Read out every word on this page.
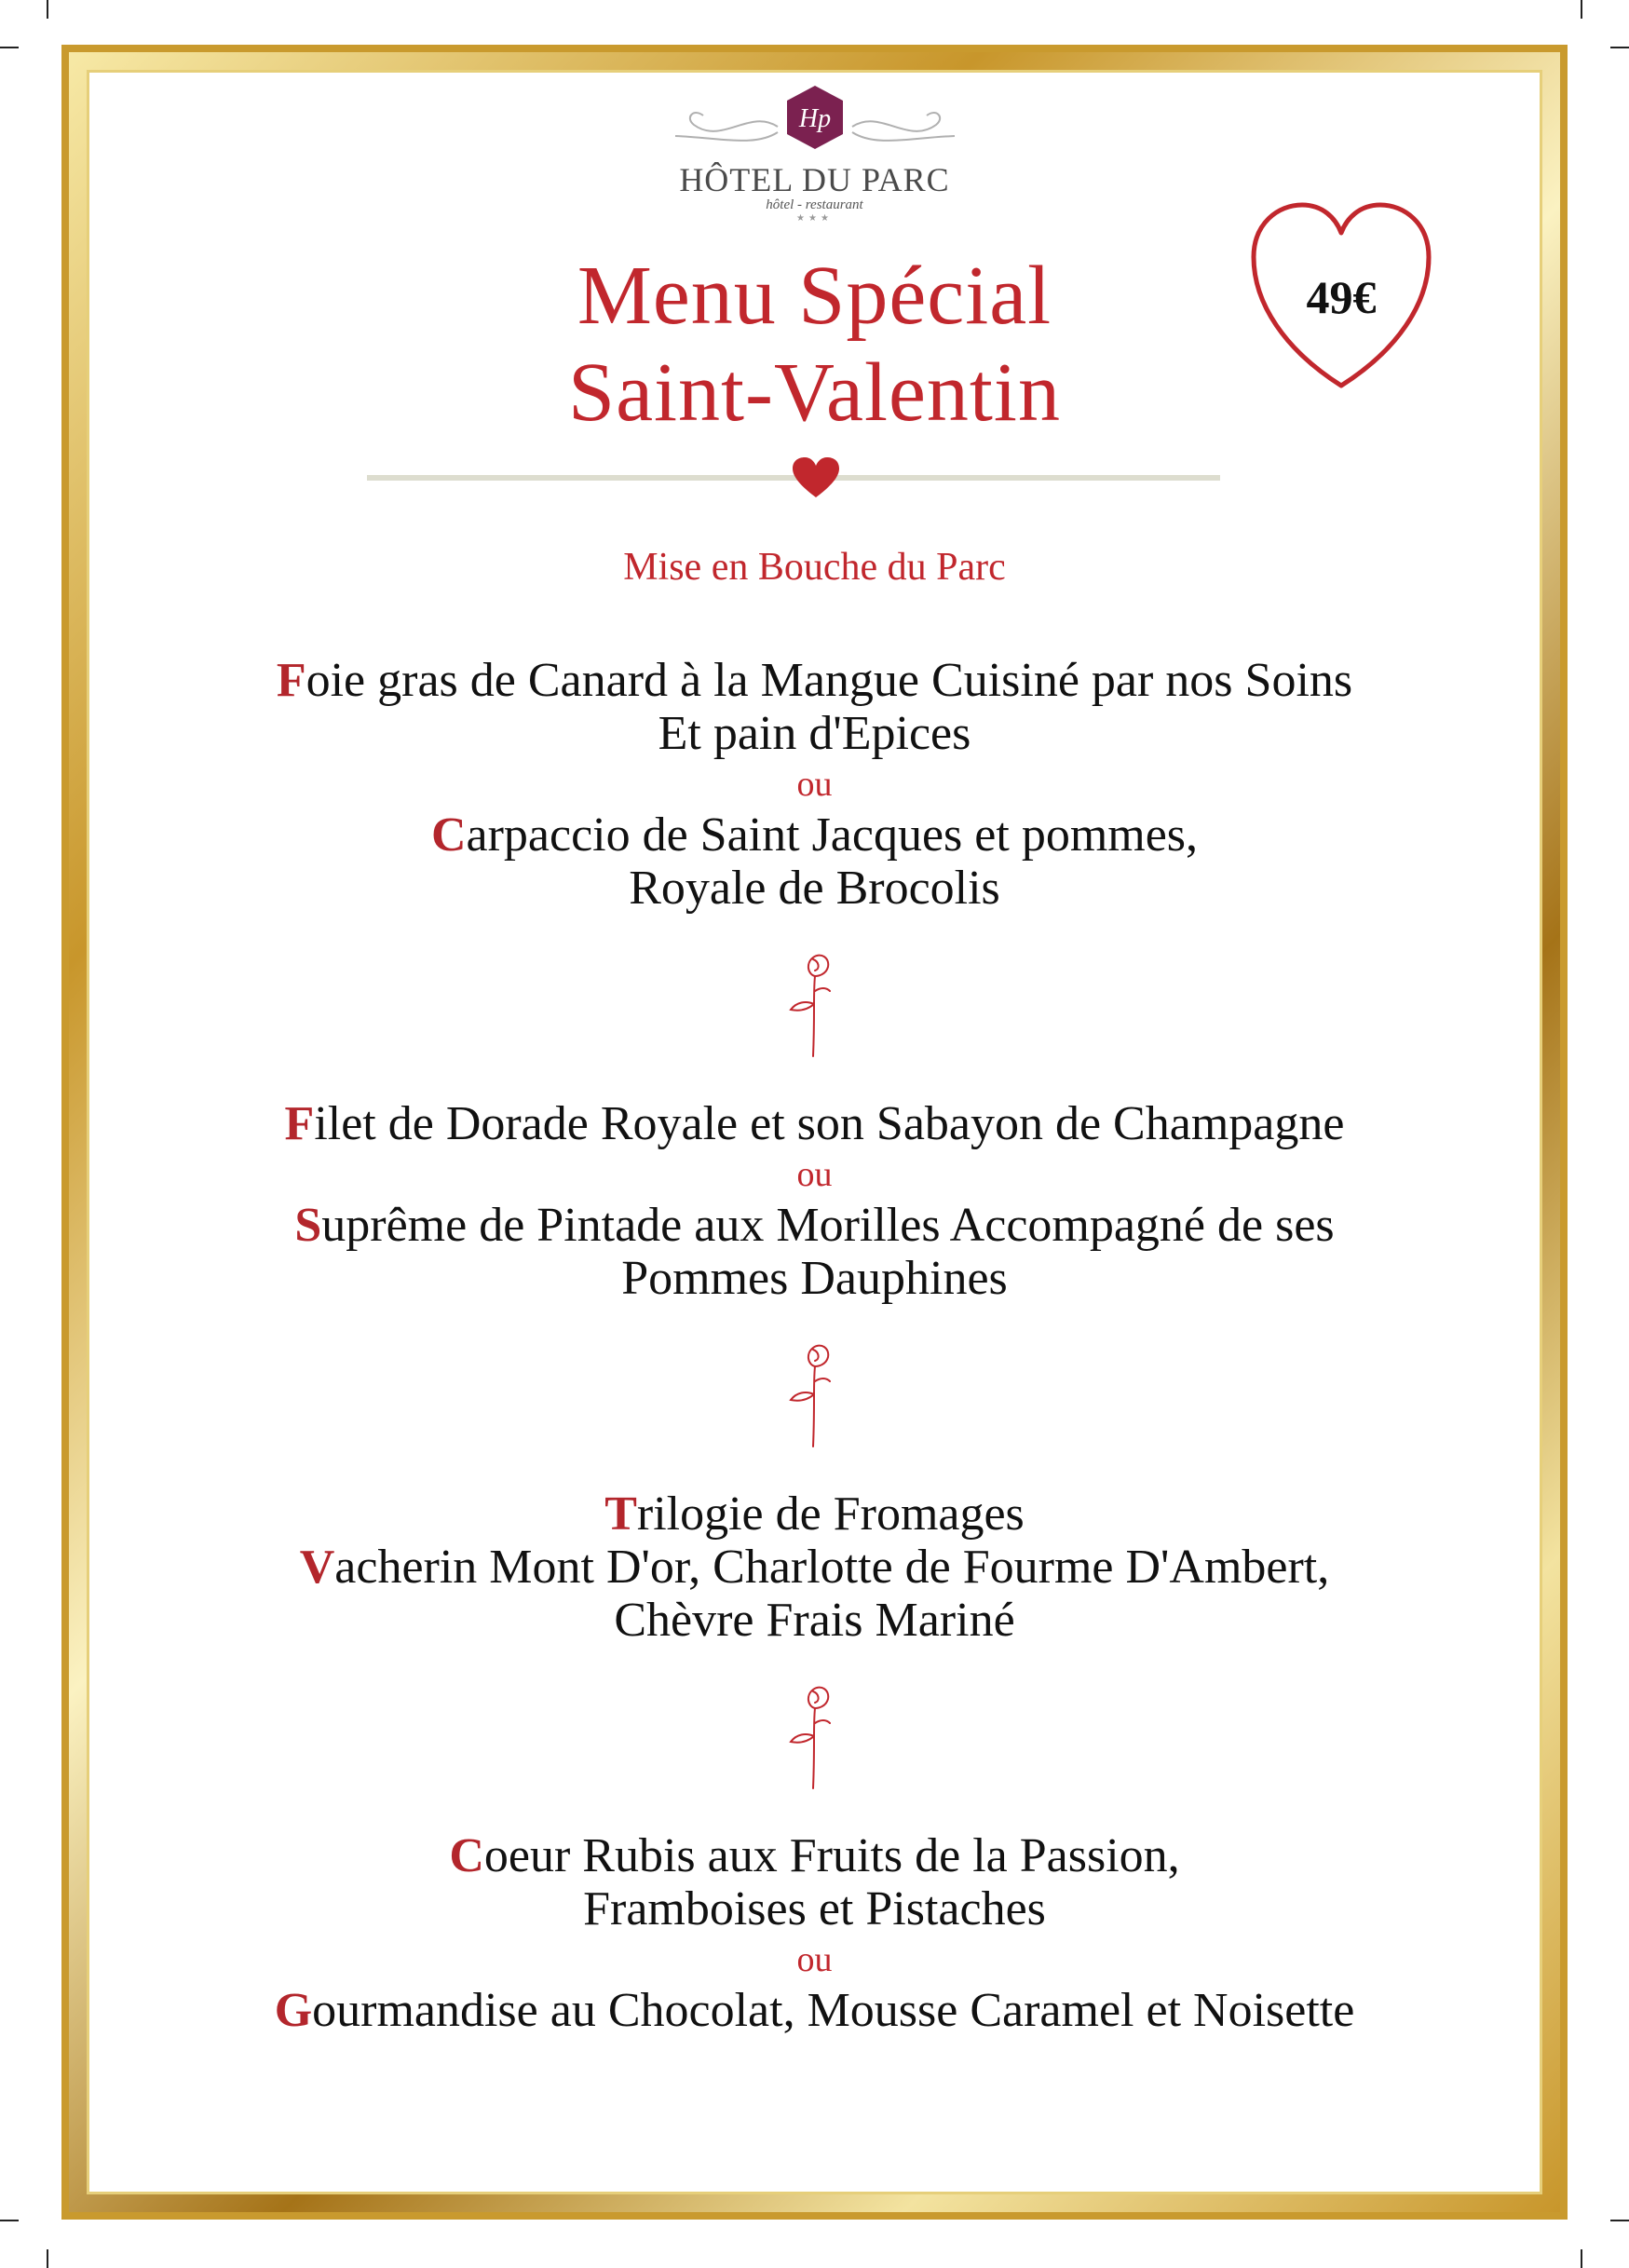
Hp
HÔTEL DU PARC
hôtel - restaurant
★★★
49€
Menu Spécial
Saint-Valentin
Mise en Bouche du Parc
Foie gras de Canard à la Mangue Cuisiné par nos Soins
Et pain d'Epices
ou
Carpaccio de Saint Jacques et pommes,
Royale de Brocolis
Filet de Dorade Royale et son Sabayon de Champagne
ou
Suprême de Pintade aux Morilles Accompagné de ses
Pommes Dauphines
Trilogie de Fromages
Vacherin Mont D'or, Charlotte de Fourme D'Ambert,
Chèvre Frais Mariné
Coeur Rubis aux Fruits de la Passion,
Framboises et Pistaches
ou
Gourmandise au Chocolat, Mousse Caramel et Noisette
